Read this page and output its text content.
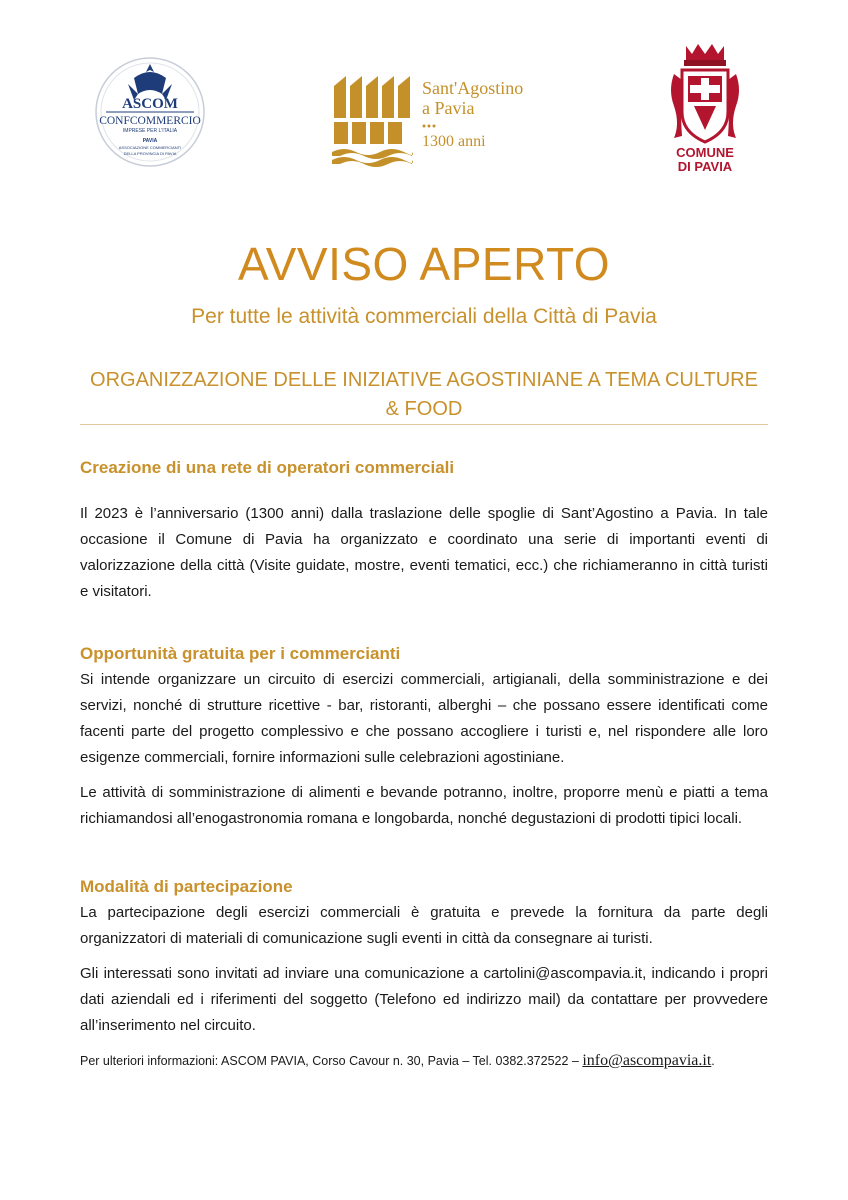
ASCOM
CONFCOMMERCIO
IMPRESE PER L'ITALIA
PAVIA
ASSOCIAZIONE COMMERCIANTI
DELLA PROVINCIA DI PAVIA
Sant'Agostino
a Pavia
1300 anni
COMUNE
DI PAVIA
AVVISO APERTO
Per tutte le attività commerciali della Città di Pavia
ORGANIZZAZIONE DELLE INIZIATIVE AGOSTINIANE A TEMA CULTURE & FOOD
Creazione di una rete di operatori commerciali

Il 2023 è l’anniversario (1300 anni) dalla traslazione delle spoglie di Sant’Agostino a Pavia. In tale occasione il Comune di Pavia ha organizzato e coordinato una serie di importanti eventi di valorizzazione della città (Visite guidate, mostre, eventi tematici, ecc.) che richiameranno in città turisti e visitatori.

Opportunità gratuita per i commercianti

Si intende organizzare un circuito di esercizi commerciali, artigianali, della somministrazione e dei servizi, nonché di strutture ricettive - bar, ristoranti, alberghi – che possano essere identificati come facenti parte del progetto complessivo e che possano accogliere i turisti e, nel rispondere alle loro esigenze commerciali, fornire informazioni sulle celebrazioni agostiniane.

Le attività di somministrazione di alimenti e bevande potranno, inoltre, proporre menù e piatti a tema richiamandosi all’enogastronomia romana e longobarda, nonché degustazioni di prodotti tipici locali.

Modalità di partecipazione

La partecipazione degli esercizi commerciali è gratuita e prevede la fornitura da parte degli organizzatori di materiali di comunicazione sugli eventi in città da consegnare ai turisti.

Gli interessati sono invitati ad inviare una comunicazione a cartolini@ascompavia.it, indicando i propri dati aziendali ed i riferimenti del soggetto (Telefono ed indirizzo mail) da contattare per provvedere all’inserimento nel circuito.

Per ulteriori informazioni: ASCOM PAVIA, Corso Cavour n. 30, Pavia – Tel. 0382.372522 – info@ascompavia.it.
